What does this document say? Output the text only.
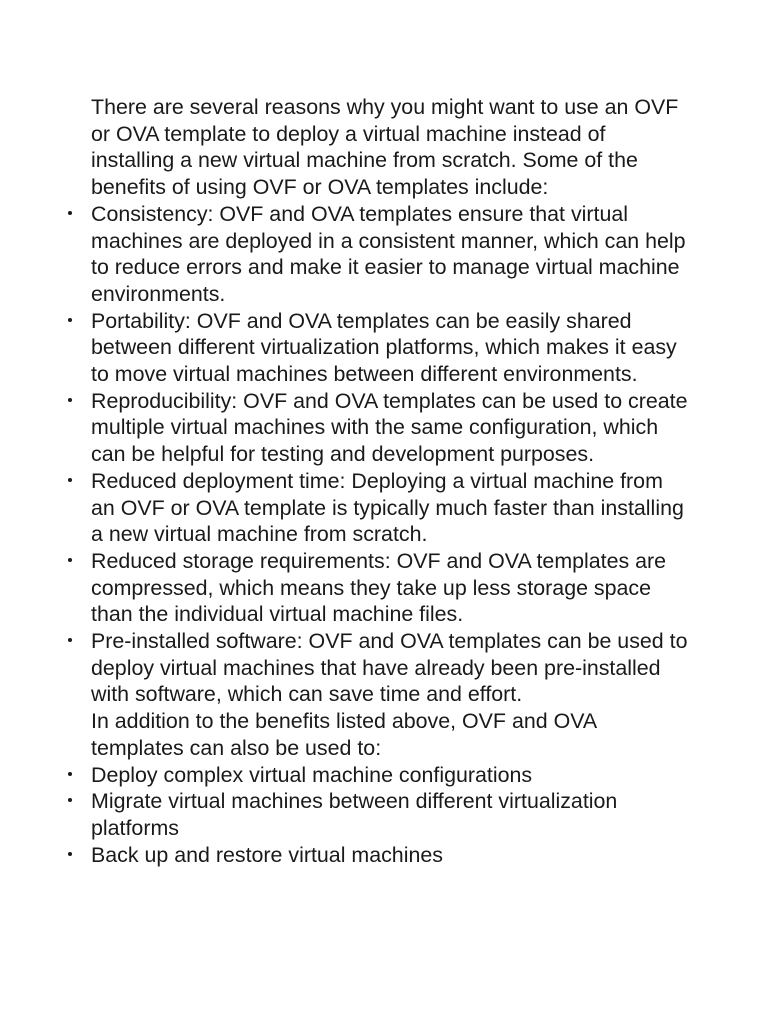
There are several reasons why you might want to use an OVF or OVA template to deploy a virtual machine instead of installing a new virtual machine from scratch. Some of the benefits of using OVF or OVA templates include:

Consistency: OVF and OVA templates ensure that virtual machines are deployed in a consistent manner, which can help to reduce errors and make it easier to manage virtual machine environments.
Portability: OVF and OVA templates can be easily shared between different virtualization platforms, which makes it easy to move virtual machines between different environments.
Reproducibility: OVF and OVA templates can be used to create multiple virtual machines with the same configuration, which can be helpful for testing and development purposes.
Reduced deployment time: Deploying a virtual machine from an OVF or OVA template is typically much faster than installing a new virtual machine from scratch.
Reduced storage requirements: OVF and OVA templates are compressed, which means they take up less storage space than the individual virtual machine files.
Pre-installed software: OVF and OVA templates can be used to deploy virtual machines that have already been pre-installed with software, which can save time and effort.

In addition to the benefits listed above, OVF and OVA templates can also be used to:

Deploy complex virtual machine configurations
Migrate virtual machines between different virtualization platforms
Back up and restore virtual machines
